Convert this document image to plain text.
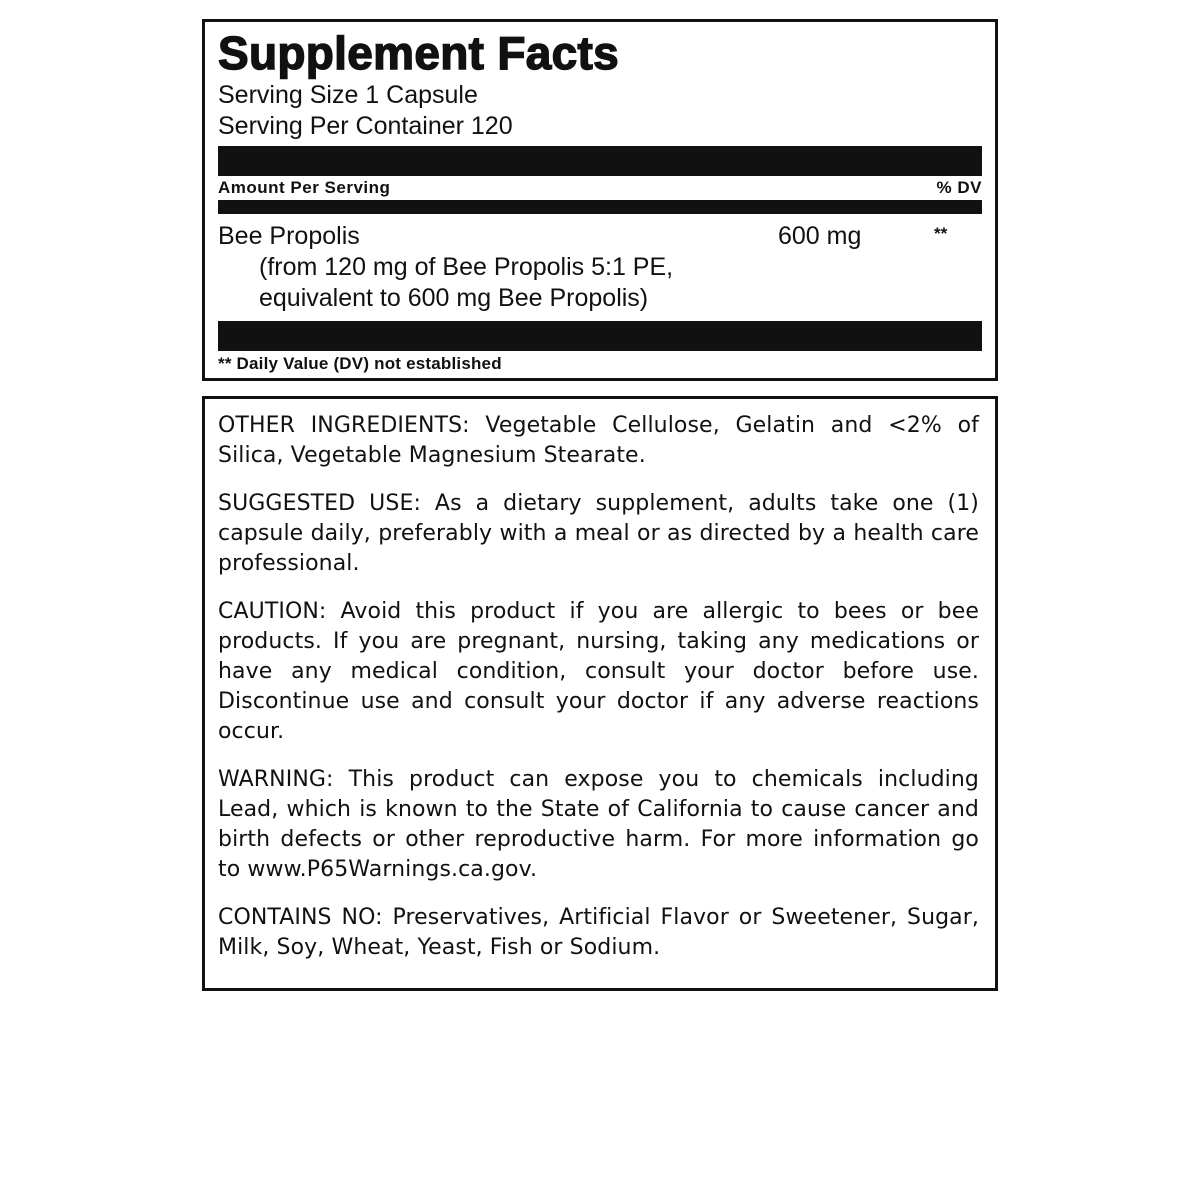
Supplement Facts
Serving Size 1 Capsule
Serving Per Container 120
Amount Per Serving	% DV
Bee Propolis	600 mg	**
(from 120 mg of Bee Propolis 5:1 PE,
equivalent to 600 mg Bee Propolis)
** Daily Value (DV) not established

OTHER INGREDIENTS: Vegetable Cellulose, Gelatin and <2% of Silica, Vegetable Magnesium Stearate.

SUGGESTED USE: As a dietary supplement, adults take one (1) capsule daily, preferably with a meal or as directed by a health care professional.

CAUTION: Avoid this product if you are allergic to bees or bee products. If you are pregnant, nursing, taking any medications or have any medical condition, consult your doctor before use. Discontinue use and consult your doctor if any adverse reactions occur.

WARNING: This product can expose you to chemicals including Lead, which is known to the State of California to cause cancer and birth defects or other reproductive harm. For more information go to www.P65Warnings.ca.gov.

CONTAINS NO: Preservatives, Artificial Flavor or Sweetener, Sugar, Milk, Soy, Wheat, Yeast, Fish or Sodium.
